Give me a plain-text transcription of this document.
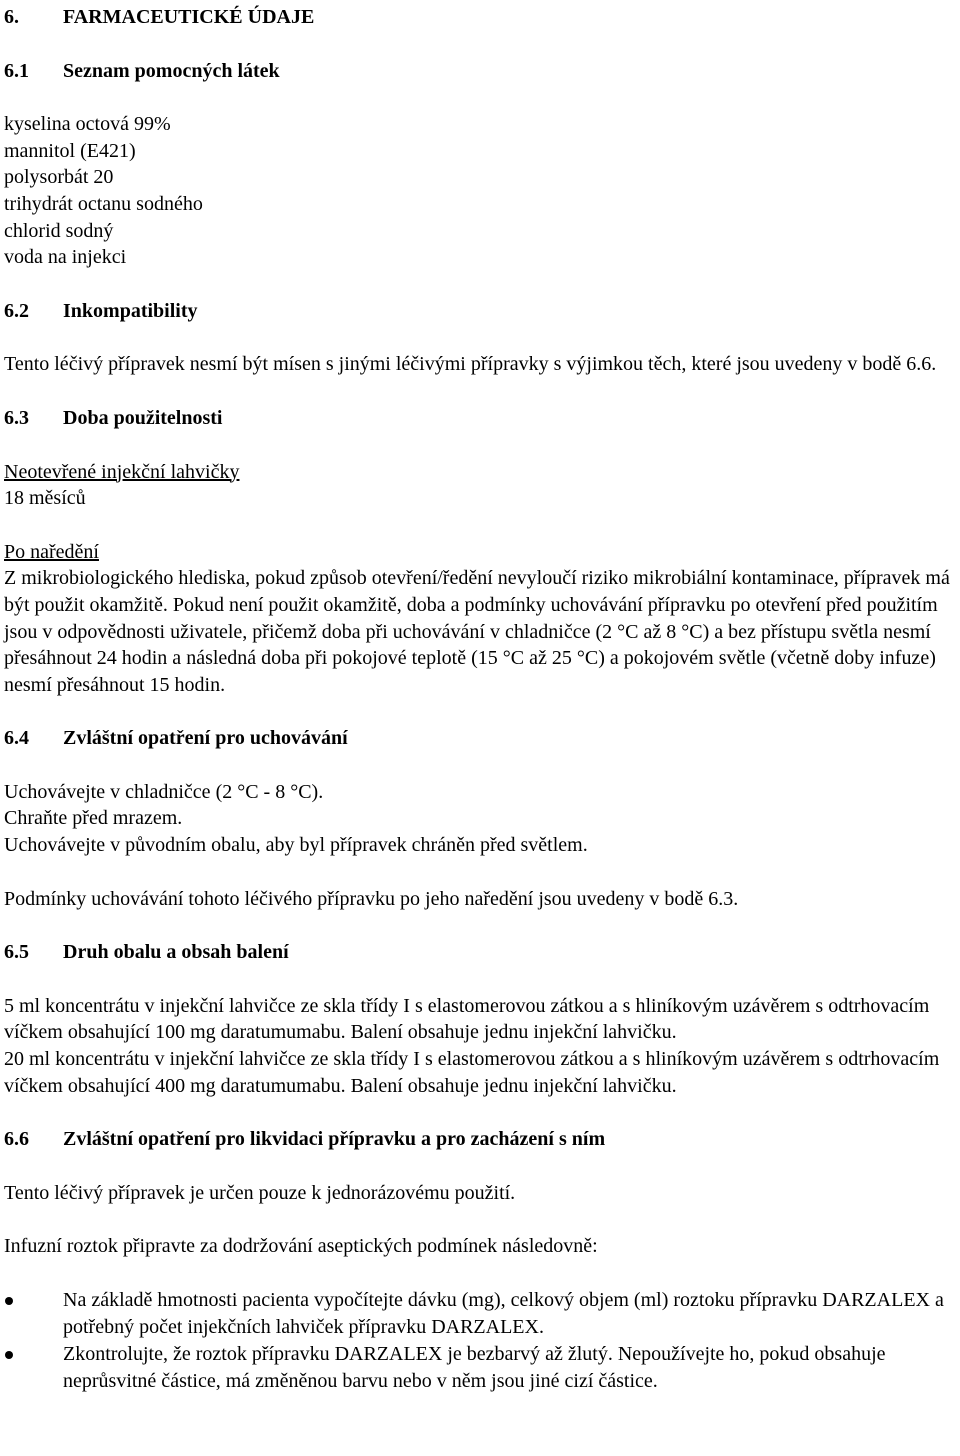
6.	FARMACEUTICKÉ ÚDAJE
6.1	Seznam pomocných látek

kyselina octová 99%

mannitol (E421)

polysorbát 20

trihydrát octanu sodného

chlorid sodný

voda na injekci

6.2	Inkompatibility

Tento léčivý přípravek nesmí být mísen s jinými léčivými přípravky s výjimkou těch, které jsou uvedeny v bodě 6.6.

6.3	Doba použitelnosti

Neotevřené injekční lahvičky

18 měsíců

Po naředění

Z mikrobiologického hlediska, pokud způsob otevření/ředění nevyloučí riziko mikrobiální kontaminace, přípravek má být použit okamžitě. Pokud není použit okamžitě, doba a podmínky uchovávání přípravku po otevření před použitím jsou v odpovědnosti uživatele, přičemž doba při uchovávání v chladničce (2 °C až 8 °C) a bez přístupu světla nesmí přesáhnout 24 hodin a následná doba při pokojové teplotě (15 °C až 25 °C) a pokojovém světle (včetně doby infuze) nesmí přesáhnout 15 hodin.

6.4	Zvláštní opatření pro uchovávání

Uchovávejte v chladničce (2 °C - 8 °C).

Chraňte před mrazem.

Uchovávejte v původním obalu, aby byl přípravek chráněn před světlem.

Podmínky uchovávání tohoto léčivého přípravku po jeho naředění jsou uvedeny v bodě 6.3.

6.5	Druh obalu a obsah balení

5 ml koncentrátu v injekční lahvičce ze skla třídy I s elastomerovou zátkou a s hliníkovým uzávěrem s odtrhovacím víčkem obsahující 100 mg daratumumabu. Balení obsahuje jednu injekční lahvičku.

20 ml koncentrátu v injekční lahvičce ze skla třídy I s elastomerovou zátkou a s hliníkovým uzávěrem s odtrhovacím víčkem obsahující 400 mg daratumumabu. Balení obsahuje jednu injekční lahvičku.

6.6	Zvláštní opatření pro likvidaci přípravku a pro zacházení s ním

Tento léčivý přípravek je určen pouze k jednorázovému použití.

Infuzní roztok připravte za dodržování aseptických podmínek následovně:

Na základě hmotnosti pacienta vypočítejte dávku (mg), celkový objem (ml) roztoku přípravku DARZALEX a potřebný počet injekčních lahviček přípravku DARZALEX.
Zkontrolujte, že roztok přípravku DARZALEX je bezbarvý až žlutý. Nepoužívejte ho, pokud obsahuje neprůsvitné částice, má změněnou barvu nebo v něm jsou jiné cizí částice.
